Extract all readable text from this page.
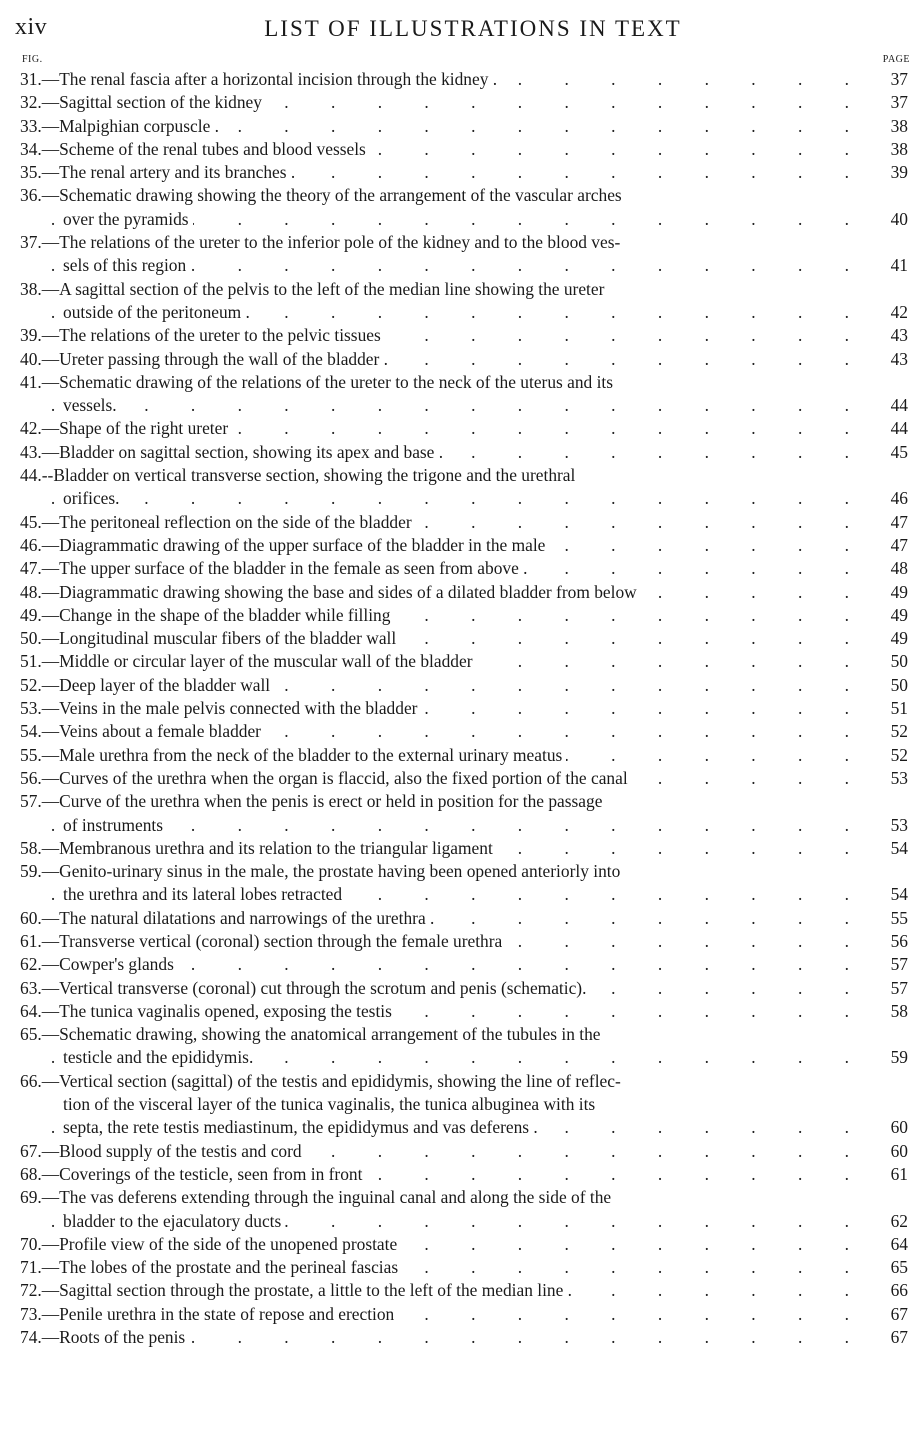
xiv	LIST OF ILLUSTRATIONS IN TEXT
FIG.	PAGE
31.—The renal fascia after a horizontal incision through the kidney . . . .	37
32.—Sagittal section of the kidney . . .	37
33.—Malpighian corpuscle . . . .	38
34.—Scheme of the renal tubes and blood vessels . . .	38
35.—The renal artery and its branches . . . .	39
36.—Schematic drawing showing the theory of the arrangement of the vascular arches
over the pyramids . . .	40
37.—The relations of the ureter to the inferior pole of the kidney and to the blood ves-
sels of this region . . .	41
38.—A sagittal section of the pelvis to the left of the median line showing the ureter
outside of the peritoneum . . . .	42
39.—The relations of the ureter to the pelvic tissues . . .	43
40.—Ureter passing through the wall of the bladder . . . .	43
41.—Schematic drawing of the relations of the ureter to the neck of the uterus and its
vessels. . . .	44
42.—Shape of the right ureter . . .	44
43.—Bladder on sagittal section, showing its apex and base . . . .	45
44.--Bladder on vertical transverse section, showing the trigone and the urethral
orifices. . . .	46
45.—The peritoneal reflection on the side of the bladder . . .	47
46.—Diagrammatic drawing of the upper surface of the bladder in the male . . .	47
47.—The upper surface of the bladder in the female as seen from above . . . .	48
48.—Diagrammatic drawing showing the base and sides of a dilated bladder from below . . .	49
49.—Change in the shape of the bladder while filling . . .	49
50.—Longitudinal muscular fibers of the bladder wall . . .	49
51.—Middle or circular layer of the muscular wall of the bladder . . .	50
52.—Deep layer of the bladder wall . . .	50
53.—Veins in the male pelvis connected with the bladder . . .	51
54.—Veins about a female bladder . . .	52
55.—Male urethra from the neck of the bladder to the external urinary meatus . . .	52
56.—Curves of the urethra when the organ is flaccid, also the fixed portion of the canal . . .	53
57.—Curve of the urethra when the penis is erect or held in position for the passage
of instruments . . .	53
58.—Membranous urethra and its relation to the triangular ligament . . .	54
59.—Genito-urinary sinus in the male, the prostate having been opened anteriorly into
the urethra and its lateral lobes retracted . . .	54
60.—The natural dilatations and narrowings of the urethra . . . .	55
61.—Transverse vertical (coronal) section through the female urethra . . .	56
62.—Cowper's glands . . .	57
63.—Vertical transverse (coronal) cut through the scrotum and penis (schematic). . . .	57
64.—The tunica vaginalis opened, exposing the testis . . .	58
65.—Schematic drawing, showing the anatomical arrangement of the tubules in the
testicle and the epididymis. . . .	59
66.—Vertical section (sagittal) of the testis and epididymis, showing the line of reflec-
tion of the visceral layer of the tunica vaginalis, the tunica albuginea with its
septa, the rete testis mediastinum, the epididymus and vas deferens . . . .	60
67.—Blood supply of the testis and cord . . .	60
68.—Coverings of the testicle, seen from in front . . .	61
69.—The vas deferens extending through the inguinal canal and along the side of the
bladder to the ejaculatory ducts . . .	62
70.—Profile view of the side of the unopened prostate . . .	64
71.—The lobes of the prostate and the perineal fascias . . .	65
72.—Sagittal section through the prostate, a little to the left of the median line . . . .	66
73.—Penile urethra in the state of repose and erection . . .	67
74.—Roots of the penis . . .	67
